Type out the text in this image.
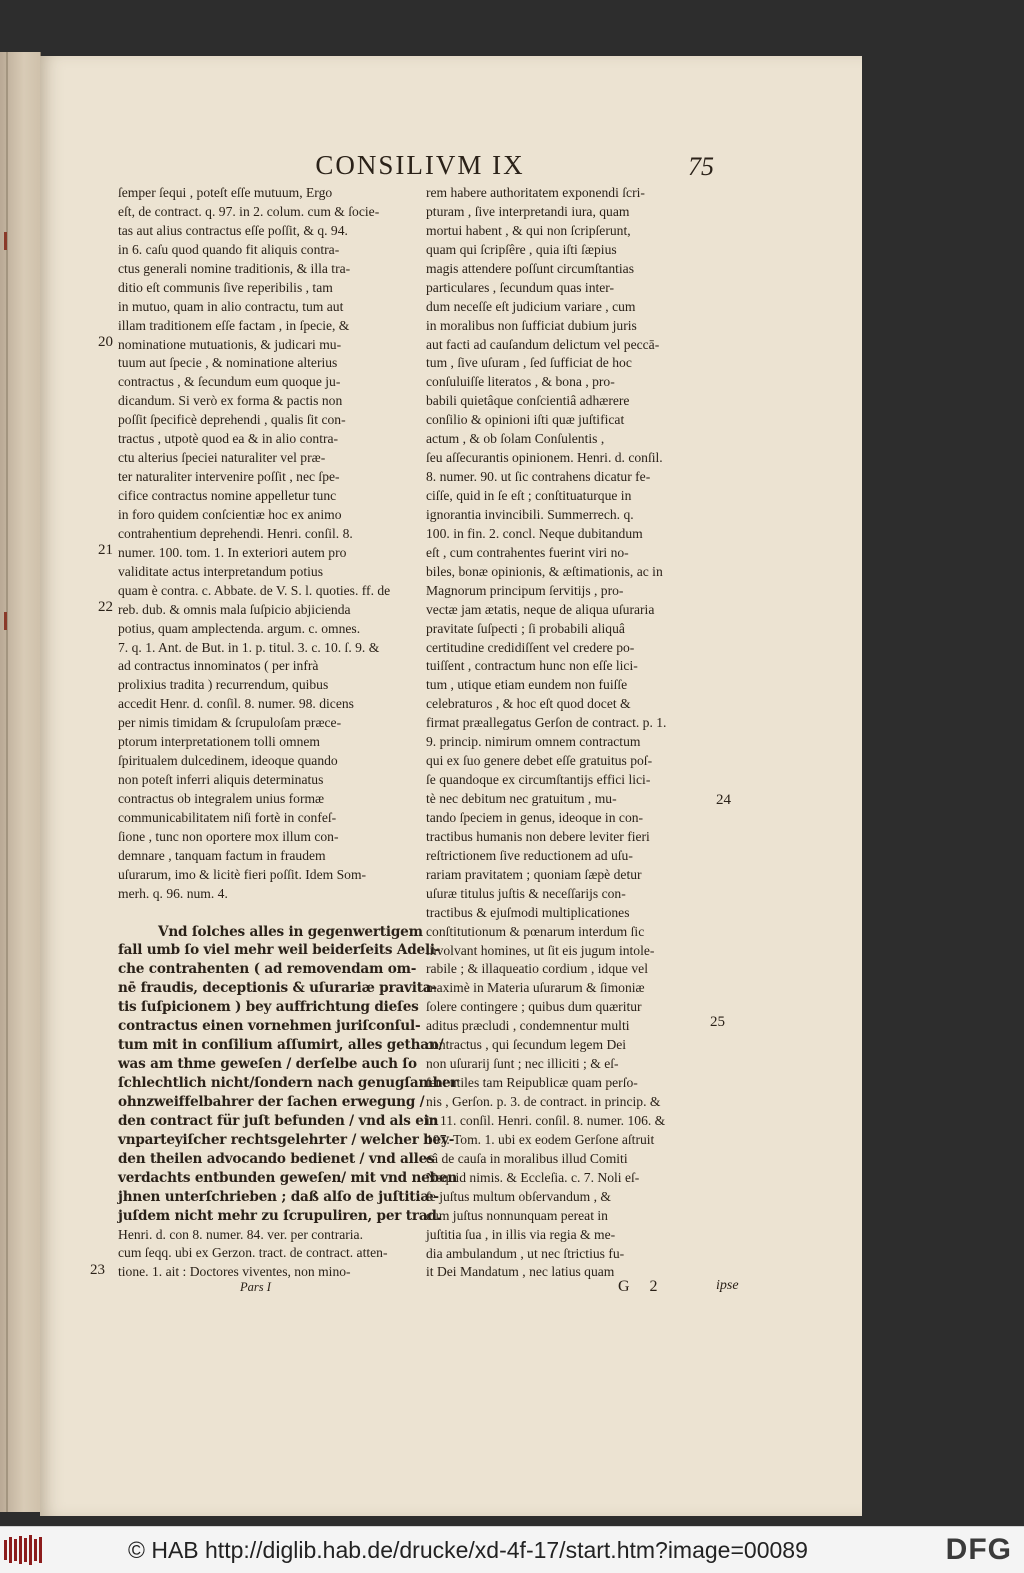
CONSILIVM IX	75
ſemper ſequi , poteſt eſſe mutuum, Ergo
eſt, de contract. q. 97. in 2. colum. cum & ſocie-
tas aut alius contractus eſſe poſſit, & q. 94.
in 6. caſu quod quando fit aliquis contra-
ctus generali nomine traditionis, & illa tra-
ditio eſt communis ſive reperibilis , tam
in mutuo, quam in alio contractu, tum aut
illam traditionem eſſe factam , in ſpecie, &
nominatione mutuationis, & judicari mu-
tuum aut ſpecie , & nominatione alterius
contractus , & ſecundum eum quoque ju-
dicandum. Si verò ex forma & pactis non
poſſit ſpecificè deprehendi , qualis ſit con-
tractus , utpotè quod ea & in alio contra-
ctu alterius ſpeciei naturaliter vel præ-
ter naturaliter intervenire poſſit , nec ſpe-
cifice contractus nomine appelletur tunc
in foro quidem conſcientiæ hoc ex animo
contrahentium deprehendi. Henri. conſil. 8.
numer. 100. tom. 1. In exteriori autem pro
validitate actus interpretandum potius
quam è contra. c. Abbate. de V. S. l. quoties. ff. de
reb. dub. & omnis mala ſuſpicio abjicienda
potius, quam amplectenda. argum. c. omnes.
7. q. 1. Ant. de But. in 1. p. titul. 3. c. 10. ſ. 9. &
ad contractus innominatos ( per infrà
prolixius tradita ) recurrendum, quibus
accedit Henr. d. conſil. 8. numer. 98. dicens
per nimis timidam & ſcrupuloſam præce-
ptorum interpretationem tolli omnem
ſpiritualem dulcedinem, ideoque quando
non poteſt inferri aliquis determinatus
contractus ob integralem unius formæ
communicabilitatem niſi fortè in confeſ-
ſione , tunc non oportere mox illum con-
demnare , tanquam factum in fraudem
uſurarum, imo & licitè fieri poſſit. Idem Som-
merh. q. 96. num. 4.
Vnd ſolches alles in gegenwertigem
fall umb ſo viel mehr weil beiderſeits Adeli-
che contrahenten ( ad removendam om-
nē fraudis, deceptionis & uſurariæ pravita-
tis ſuſpicionem ) bey auffrichtung dieſes
contractus einen vornehmen juriſconſul-
tum mit in conſilium aſſumirt, alles gethan/
was am thme geweſen / derſelbe auch ſo
ſchlechtlich nicht/ſondern nach genugſamber
ohnzweiffelbahrer der ſachen erwegung /
den contract für juſt befunden / vnd als ein
vnparteyiſcher rechtsgelehrter / welcher bey-
den theilen advocando bedienet / vnd alles
verdachts entbunden geweſen/ mit vnd neben
jhnen unterſchrieben ; daß alſo de juſtitiæ-
juſdem nicht mehr zu ſcrupuliren, per trad.
Henri. d. con 8. numer. 84. ver. per contraria.
cum ſeqq. ubi ex Gerzon. tract. de contract. atten-
tione. 1. ait : Doctores viventes, non mino-
rem habere authoritatem exponendi ſcri-
pturam , ſive interpretandi iura, quam
mortui habent , & qui non ſcripſerunt,
quam qui ſcripſêre , quia iſti ſæpius
magis attendere poſſunt circumſtantias
particulares , ſecundum quas inter-
dum neceſſe eſt judicium variare , cum
in moralibus non ſufficiat dubium juris
aut facti ad cauſandum delictum vel peccā-
tum , ſive uſuram , ſed ſufficiat de hoc
conſuluiſſe literatos , & bona , pro-
babili quietâque conſcientiâ adhærere
conſilio & opinioni iſti quæ juſtificat
actum , & ob ſolam Conſulentis ,
ſeu aſſecurantis opinionem. Henri. d. conſil.
8. numer. 90. ut ſic contrahens dicatur fe-
ciſſe, quid in ſe eſt ; conſtituaturque in
ignorantia invincibili. Summerrech. q.
100. in fin. 2. concl. Neque dubitandum
eſt , cum contrahentes fuerint viri no-
biles, bonæ opinionis, & æſtimationis, ac in
Magnorum principum ſervitijs , pro-
vectæ jam ætatis, neque de aliqua uſuraria
pravitate ſuſpecti ; ſi probabili aliquâ
certitudine credidiſſent vel credere po-
tuiſſent , contractum hunc non eſſe lici-
tum , utique etiam eundem non fuiſſe
celebraturos , & hoc eſt quod docet &
firmat præallegatus Gerſon de contract. p. 1.
9. princip. nimirum omnem contractum
qui ex ſuo genere debet eſſe gratuitus poſ-
ſe quandoque ex circumſtantijs effici lici-
tè nec debitum nec gratuitum , mu-
tando ſpeciem in genus, ideoque in con-
tractibus humanis non debere leviter fieri
reſtrictionem ſive reductionem ad uſu-
rariam pravitatem ; quoniam ſæpè detur
uſuræ titulus juſtis & neceſſarijs con-
tractibus & ejuſmodi multiplicationes
conſtitutionum & pœnarum interdum ſic
involvant homines, ut ſit eis jugum intole-
rabile ; & illaqueatio cordium , idque vel
maximè in Materia uſurarum & ſimoniæ
ſolere contingere ; quibus dum quæritur
aditus præcludi , condemnentur multi
contractus , qui ſecundum legem Dei
non uſurarij ſunt ; nec illiciti ; & eſ-
ſent utiles tam Reipublicæ quam perſo-
nis , Gerſon. p. 3. de contract. in princip. &
in 11. conſil. Henri. conſil. 8. numer. 106. &
107. Tom. 1. ubi ex eodem Gerſone aſtruit
eâ de cauſa in moralibus illud Comiti
Nequid nimis. & Eccleſia. c. 7. Noli eſ-
ſe juſtus multum obſervandum , &
cum juſtus nonnunquam pereat in
juſtitia ſua , in illis via regia & me-
dia ambulandum , ut nec ſtrictius fu-
it Dei Mandatum , nec latius quam
20
21
22
23
24
25
Pars I	G 2	ipse
© HAB http://diglib.hab.de/drucke/xd-4f-17/start.htm?image=00089	DFG
